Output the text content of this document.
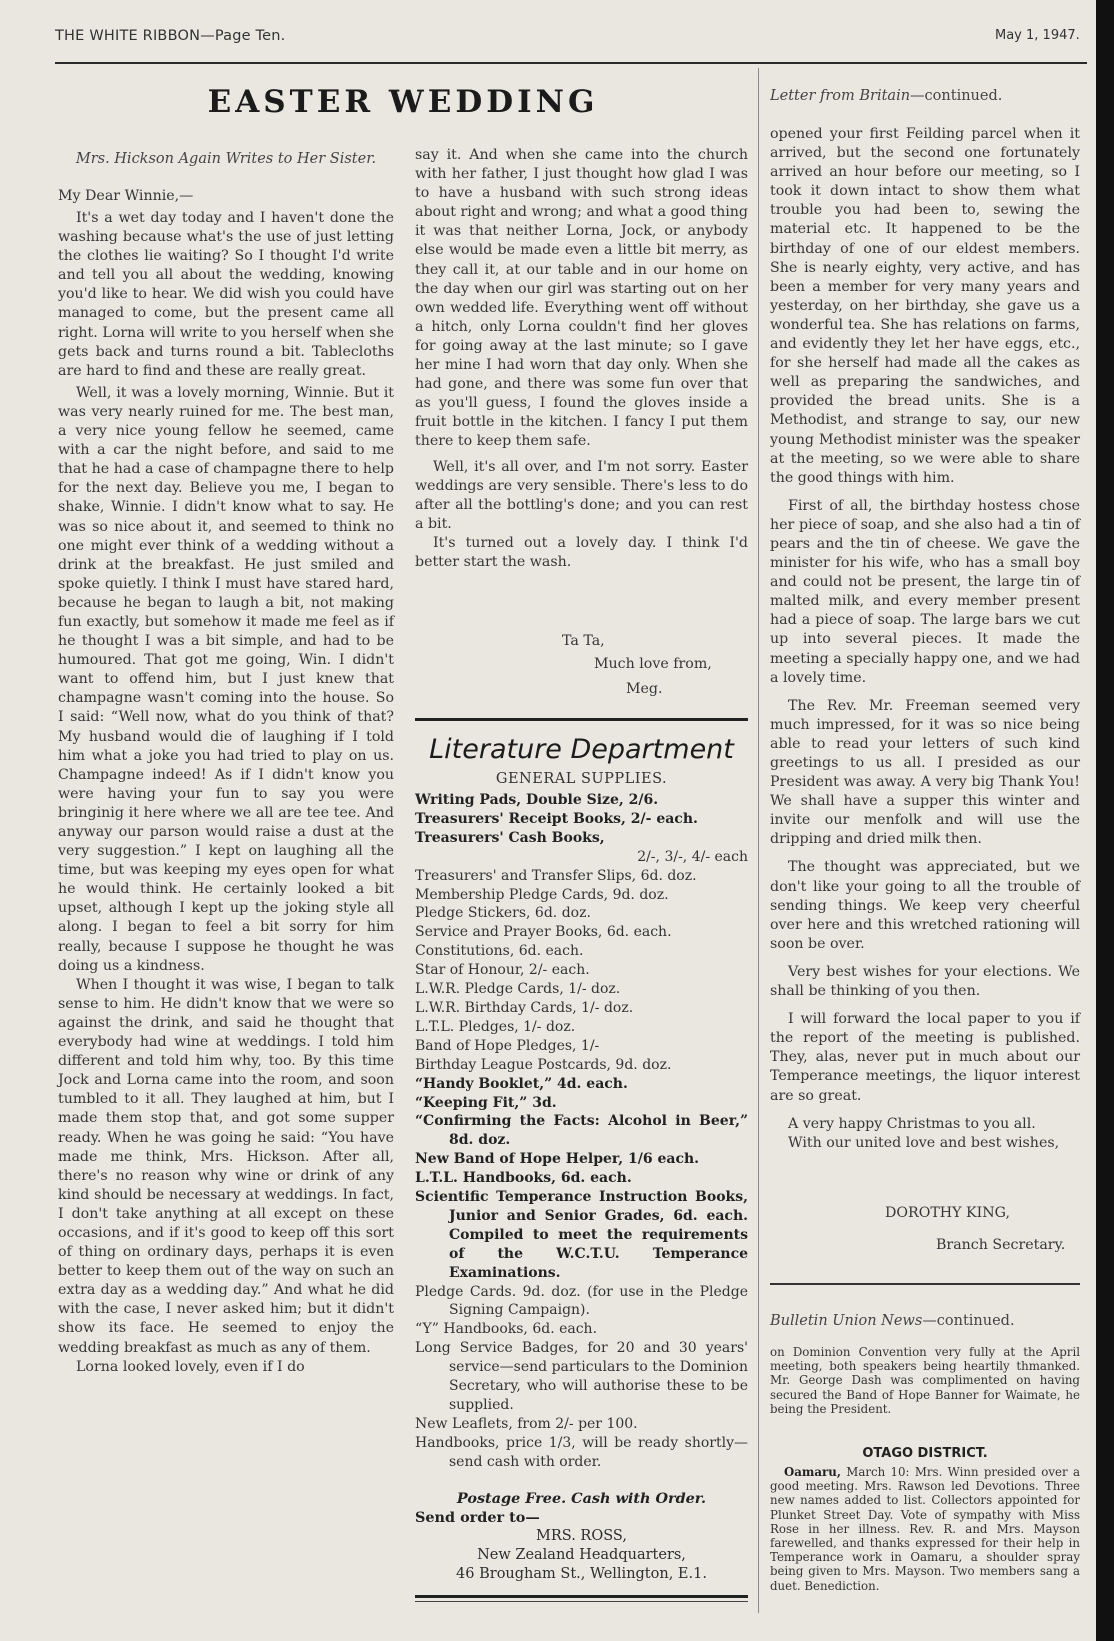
THE WHITE RIBBON—Page Ten.	May 1, 1947.
EASTER WEDDING
Mrs. Hickson Again Writes to Her Sister.
My Dear Winnie,—

It's a wet day today and I haven't done the washing because what's the use of just letting the clothes lie waiting? So I thought I'd write and tell you all about the wedding, knowing you'd like to hear. We did wish you could have managed to come, but the present came all right. Lorna will write to you herself when she gets back and turns round a bit. Tablecloths are hard to find and these are really great.

Well, it was a lovely morning, Winnie. But it was very nearly ruined for me. The best man, a very nice young fellow he seemed, came with a car the night before, and said to me that he had a case of champagne there to help for the next day. Believe you me, I began to shake, Winnie. I didn't know what to say. He was so nice about it, and seemed to think no one might ever think of a wedding without a drink at the breakfast. He just smiled and spoke quietly. I think I must have stared hard, because he began to laugh a bit, not making fun exactly, but somehow it made me feel as if he thought I was a bit simple, and had to be humoured. That got me going, Win. I didn't want to offend him, but I just knew that champagne wasn't coming into the house. So I said: “Well now, what do you think of that? My husband would die of laughing if I told him what a joke you had tried to play on us. Champagne indeed! As if I didn't know you were having your fun to say you were bringinig it here where we all are tee tee. And anyway our parson would raise a dust at the very suggestion.” I kept on laughing all the time, but was keeping my eyes open for what he would think. He certainly looked a bit upset, although I kept up the joking style all along. I began to feel a bit sorry for him really, because I suppose he thought he was doing us a kindness.

When I thought it was wise, I began to talk sense to him. He didn't know that we were so against the drink, and said he thought that everybody had wine at weddings. I told him different and told him why, too. By this time Jock and Lorna came into the room, and soon tumbled to it all. They laughed at him, but I made them stop that, and got some supper ready. When he was going he said: “You have made me think, Mrs. Hickson. After all, there's no reason why wine or drink of any kind should be necessary at weddings. In fact, I don't take anything at all except on these occasions, and if it's good to keep off this sort of thing on ordinary days, perhaps it is even better to keep them out of the way on such an extra day as a wedding day.” And what he did with the case, I never asked him; but it didn't show its face. He seemed to enjoy the wedding breakfast as much as any of them.

Lorna looked lovely, even if I do

say it. And when she came into the church with her father, I just thought how glad I was to have a husband with such strong ideas about right and wrong; and what a good thing it was that neither Lorna, Jock, or anybody else would be made even a little bit merry, as they call it, at our table and in our home on the day when our girl was starting out on her own wedded life. Everything went off without a hitch, only Lorna couldn't find her gloves for going away at the last minute; so I gave her mine I had worn that day only. When she had gone, and there was some fun over that as you'll guess, I found the gloves inside a fruit bottle in the kitchen. I fancy I put them there to keep them safe.

Well, it's all over, and I'm not sorry. Easter weddings are very sensible. There's less to do after all the bottling's done; and you can rest a bit.

It's turned out a lovely day. I think I'd better start the wash.

Ta Ta,
Much love from,
Meg.
Literature Department
GENERAL SUPPLIES.

Writing Pads, Double Size, 2/6.

Treasurers' Receipt Books, 2/- each.

Treasurers' Cash Books,

2/-, 3/-, 4/- each

Treasurers' and Transfer Slips, 6d. doz.

Membership Pledge Cards, 9d. doz.

Pledge Stickers, 6d. doz.

Service and Prayer Books, 6d. each.

Constitutions, 6d. each.

Star of Honour, 2/- each.

L.W.R. Pledge Cards, 1/- doz.

L.W.R. Birthday Cards, 1/- doz.

L.T.L. Pledges, 1/- doz.

Band of Hope Pledges, 1/-

Birthday League Postcards, 9d. doz.

“Handy Booklet,” 4d. each.

“Keeping Fit,” 3d.

“Confirming the Facts: Alcohol in Beer,” 8d. doz.

New Band of Hope Helper, 1/6 each.

L.T.L. Handbooks, 6d. each.

Scientific Temperance Instruction Books, Junior and Senior Grades, 6d. each. Compiled to meet the requirements of the W.C.T.U. Temperance Examinations.

Pledge Cards. 9d. doz. (for use in the Pledge Signing Campaign).

“Y” Handbooks, 6d. each.

Long Service Badges, for 20 and 30 years' service—send particulars to the Dominion Secretary, who will authorise these to be supplied.

New Leaflets, from 2/- per 100.

Handbooks, price 1/3, will be ready shortly—send cash with order.

Postage Free. Cash with Order.
Send order to—
MRS. ROSS,
New Zealand Headquarters,
46 Brougham St., Wellington, E.1.
Letter from Britain—continued.

opened your first Feilding parcel when it arrived, but the second one fortunately arrived an hour before our meeting, so I took it down intact to show them what trouble you had been to, sewing the material etc. It happened to be the birthday of one of our eldest members. She is nearly eighty, very active, and has been a member for very many years and yesterday, on her birthday, she gave us a wonderful tea. She has relations on farms, and evidently they let her have eggs, etc., for she herself had made all the cakes as well as preparing the sandwiches, and provided the bread units. She is a Methodist, and strange to say, our new young Methodist minister was the speaker at the meeting, so we were able to share the good things with him.

First of all, the birthday hostess chose her piece of soap, and she also had a tin of pears and the tin of cheese. We gave the minister for his wife, who has a small boy and could not be present, the large tin of malted milk, and every member present had a piece of soap. The large bars we cut up into several pieces. It made the meeting a specially happy one, and we had a lovely time.

The Rev. Mr. Freeman seemed very much impressed, for it was so nice being able to read your letters of such kind greetings to us all. I presided as our President was away. A very big Thank You! We shall have a supper this winter and invite our menfolk and will use the dripping and dried milk then.

The thought was appreciated, but we don't like your going to all the trouble of sending things. We keep very cheerful over here and this wretched rationing will soon be over.

Very best wishes for your elections. We shall be thinking of you then.

I will forward the local paper to you if the report of the meeting is published. They, alas, never put in much about our Temperance meetings, the liquor interest are so great.

A very happy Christmas to you all.

With our united love and best wishes,

DOROTHY KING,
Branch Secretary.
Bulletin Union News—continued.

on Dominion Convention very fully at the April meeting, both speakers being heartily thmanked. Mr. George Dash was complimented on having secured the Band of Hope Banner for Waimate, he being the President.

OTAGO DISTRICT.

Oamaru, March 10: Mrs. Winn presided over a good meeting. Mrs. Rawson led Devotions. Three new names added to list. Collectors appointed for Plunket Street Day. Vote of sympathy with Miss Rose in her illness. Rev. R. and Mrs. Mayson farewelled, and thanks expressed for their help in Temperance work in Oamaru, a shoulder spray being given to Mrs. Mayson. Two members sang a duet. Benediction.
